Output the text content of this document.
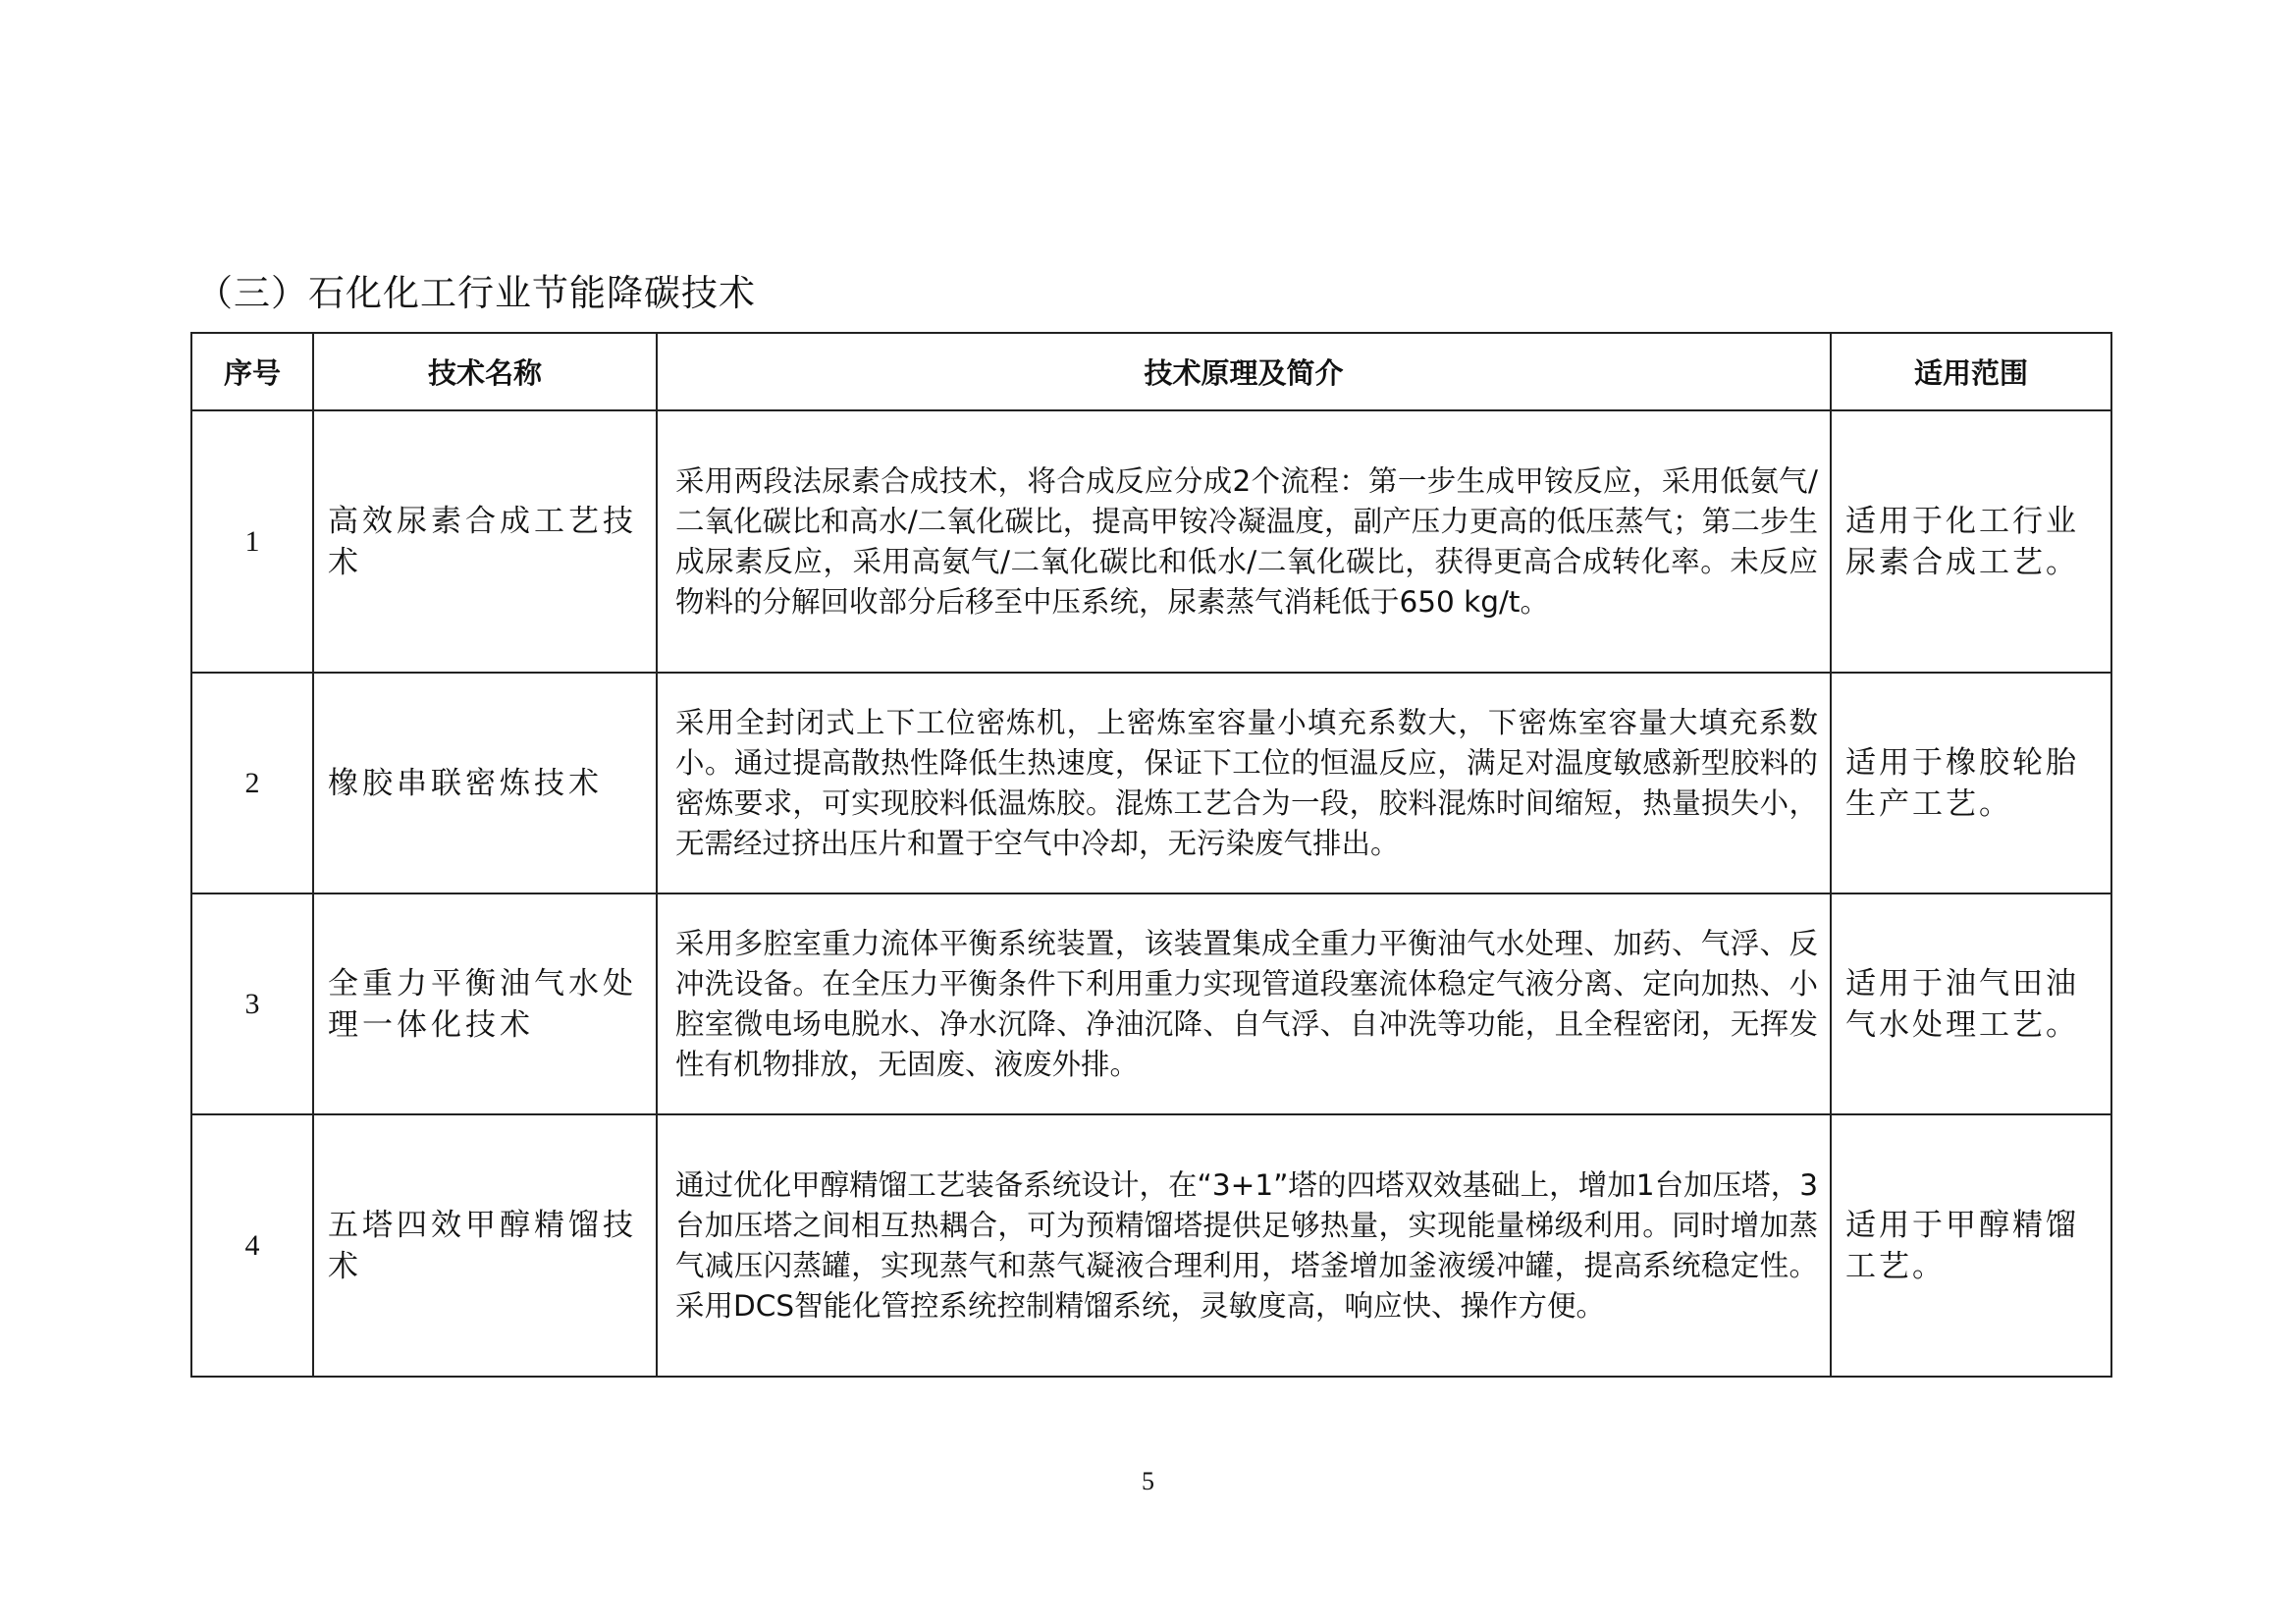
（三）石化化工行业节能降碳技术
序号	技术名称	技术原理及简介	适用范围
1	高效尿素合成工艺技术	采用两段法尿素合成技术，将合成反应分成2个流程：第一步生成甲铵反应，采用低氨气/二氧化碳比和高水/二氧化碳比，提高甲铵冷凝温度，副产压力更高的低压蒸气；第二步生成尿素反应，采用高氨气/二氧化碳比和低水/二氧化碳比，获得更高合成转化率。未反应物料的分解回收部分后移至中压系统，尿素蒸气消耗低于650 kg/t。	适用于化工行业尿素合成工艺。
2	橡胶串联密炼技术	采用全封闭式上下工位密炼机，上密炼室容量小填充系数大，下密炼室容量大填充系数小。通过提高散热性降低生热速度，保证下工位的恒温反应，满足对温度敏感新型胶料的密炼要求，可实现胶料低温炼胶。混炼工艺合为一段，胶料混炼时间缩短，热量损失小，无需经过挤出压片和置于空气中冷却，无污染废气排出。	适用于橡胶轮胎生产工艺。
3	全重力平衡油气水处理一体化技术	采用多腔室重力流体平衡系统装置，该装置集成全重力平衡油气水处理、加药、气浮、反冲洗设备。在全压力平衡条件下利用重力实现管道段塞流体稳定气液分离、定向加热、小腔室微电场电脱水、净水沉降、净油沉降、自气浮、自冲洗等功能，且全程密闭，无挥发性有机物排放，无固废、液废外排。	适用于油气田油气水处理工艺。
4	五塔四效甲醇精馏技术	通过优化甲醇精馏工艺装备系统设计，在“3+1”塔的四塔双效基础上，增加1台加压塔，3台加压塔之间相互热耦合，可为预精馏塔提供足够热量，实现能量梯级利用。同时增加蒸气减压闪蒸罐，实现蒸气和蒸气凝液合理利用，塔釜增加釜液缓冲罐，提高系统稳定性。采用DCS智能化管控系统控制精馏系统，灵敏度高，响应快、操作方便。	适用于甲醇精馏工艺。
5
